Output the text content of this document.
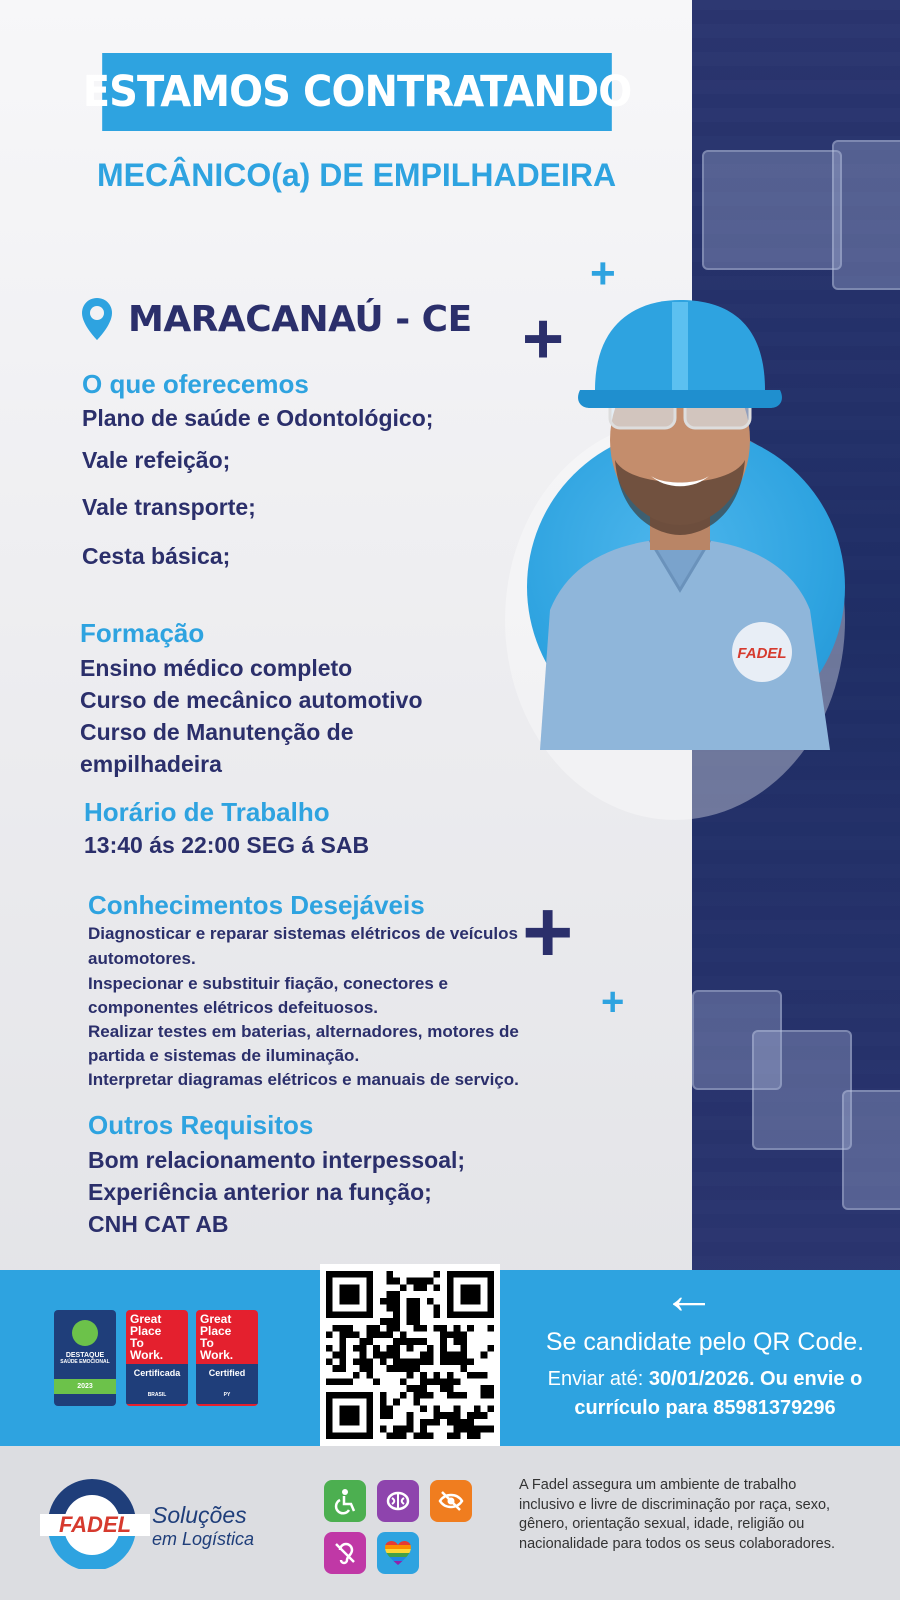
ESTAMOS CONTRATANDO
MECÂNICO(a) DE EMPILHADEIRA
+
+
+
+
MARACANAÚ - CE
O que oferecemos
Plano de saúde e Odontológico;
Vale refeição;
Vale transporte;
Cesta básica;
FADEL
Formação
Ensino médico completo
Curso de mecânico automotivo
Curso de Manutenção de
empilhadeira
Horário de Trabalho
13:40 ás 22:00 SEG á SAB
Conhecimentos Desejáveis
Diagnosticar e reparar sistemas elétricos de veículos
automotores.
Inspecionar e substituir fiação, conectores e
componentes elétricos defeituosos.
Realizar testes em baterias, alternadores, motores de
partida e sistemas de iluminação.
Interpretar diagramas elétricos e manuais de serviço.
Outros Requisitos
Bom relacionamento interpessoal;
Experiência anterior na função;
CNH CAT AB
DESTAQUE
SAÚDE EMOCIONAL
2023
Great
Place
To
Work.
Certificada
BRASIL
Great
Place
To
Work.
Certified
PY
←
Se candidate pelo QR Code.
Enviar até: 30/01/2026. Ou envie o currículo para 85981379296
FADEL Soluções
em Logística
A Fadel assegura um ambiente de trabalho inclusivo e livre de discriminação por raça, sexo, gênero, orientação sexual, idade, religião ou nacionalidade para todos os seus colaboradores.
